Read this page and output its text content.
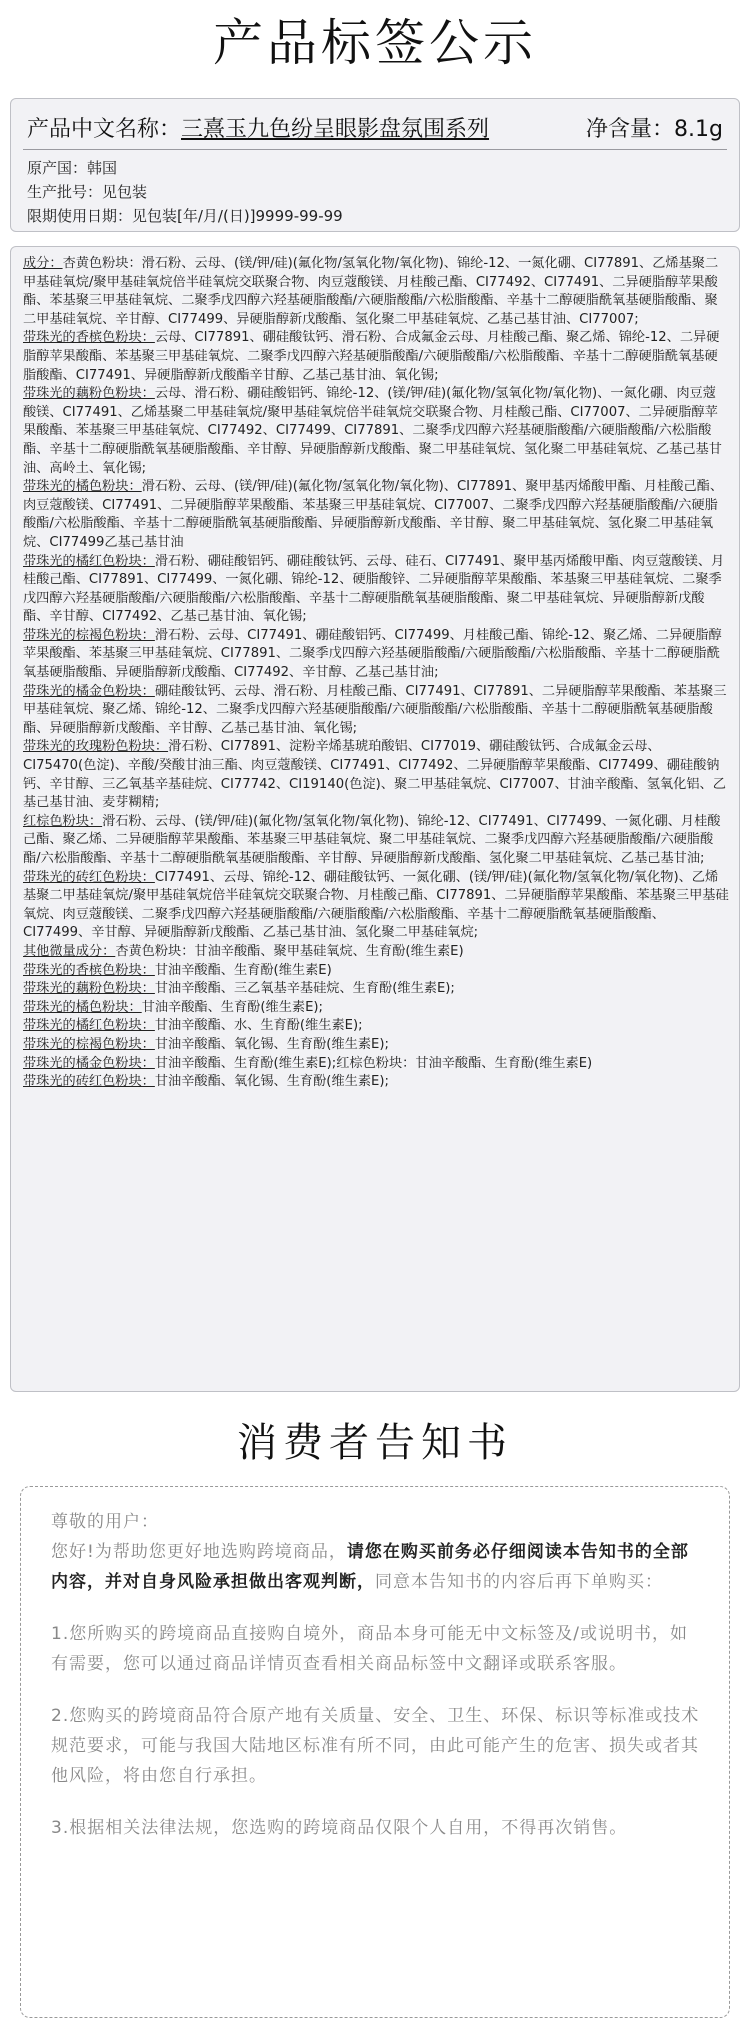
产品标签公示
产品中文名称：三熹玉九色纷呈眼影盘氛围系列	净含量：8.1g
原产国：韩国
生产批号：见包装
限期使用日期：见包装[年/月/(日)]9999-99-99
成分：杏黄色粉块：滑石粉、云母、(镁/钾/硅)(氟化物/氢氧化物/氧化物)、锦纶-12、一氮化硼、CI77891、乙烯基聚二甲基硅氧烷/聚甲基硅氧烷倍半硅氧烷交联聚合物、肉豆蔻酸镁、月桂酸己酯、CI77492、CI77491、二异硬脂醇苹果酸酯、苯基聚三甲基硅氧烷、二聚季戊四醇六羟基硬脂酸酯/六硬脂酸酯/六松脂酸酯、辛基十二醇硬脂酰氧基硬脂酸酯、聚二甲基硅氧烷、辛甘醇、CI77499、异硬脂醇新戊酸酯、氢化聚二甲基硅氧烷、乙基己基甘油、CI77007;
带珠光的香槟色粉块：云母、CI77891、硼硅酸钛钙、滑石粉、合成氟金云母、月桂酸己酯、聚乙烯、锦纶-12、二异硬脂醇苹果酸酯、苯基聚三甲基硅氧烷、二聚季戊四醇六羟基硬脂酸酯/六硬脂酸酯/六松脂酸酯、辛基十二醇硬脂酰氧基硬脂酸酯、CI77491、异硬脂醇新戊酸酯辛甘醇、乙基己基甘油、氧化锡;
带珠光的藕粉色粉块：云母、滑石粉、硼硅酸铝钙、锦纶-12、(镁/钾/硅)(氟化物/氢氧化物/氧化物)、一氮化硼、肉豆蔻酸镁、CI77491、乙烯基聚二甲基硅氧烷/聚甲基硅氧烷倍半硅氧烷交联聚合物、月桂酸己酯、CI77007、二异硬脂醇苹果酸酯、苯基聚三甲基硅氧烷、CI77492、CI77499、CI77891、二聚季戊四醇六羟基硬脂酸酯/六硬脂酸酯/六松脂酸酯、辛基十二醇硬脂酰氧基硬脂酸酯、辛甘醇、异硬脂醇新戊酸酯、聚二甲基硅氧烷、氢化聚二甲基硅氧烷、乙基己基甘油、高岭土、氧化锡;
带珠光的橘色粉块：滑石粉、云母、(镁/钾/硅)(氟化物/氢氧化物/氧化物)、CI77891、聚甲基丙烯酸甲酯、月桂酸己酯、肉豆蔻酸镁、CI77491、二异硬脂醇苹果酸酯、苯基聚三甲基硅氧烷、CI77007、二聚季戊四醇六羟基硬脂酸酯/六硬脂酸酯/六松脂酸酯、辛基十二醇硬脂酰氧基硬脂酸酯、异硬脂醇新戊酸酯、辛甘醇、聚二甲基硅氧烷、氢化聚二甲基硅氧烷、CI77499乙基己基甘油
带珠光的橘红色粉块：滑石粉、硼硅酸铝钙、硼硅酸钛钙、云母、硅石、CI77491、聚甲基丙烯酸甲酯、肉豆蔻酸镁、月桂酸己酯、CI77891、CI77499、一氮化硼、锦纶-12、硬脂酸锌、二异硬脂醇苹果酸酯、苯基聚三甲基硅氧烷、二聚季戊四醇六羟基硬脂酸酯/六硬脂酸酯/六松脂酸酯、辛基十二醇硬脂酰氧基硬脂酸酯、聚二甲基硅氧烷、异硬脂醇新戊酸酯、辛甘醇、CI77492、乙基己基甘油、氧化锡;
带珠光的棕褐色粉块：滑石粉、云母、CI77491、硼硅酸铝钙、CI77499、月桂酸己酯、锦纶-12、聚乙烯、二异硬脂醇苹果酸酯、苯基聚三甲基硅氧烷、CI77891、二聚季戊四醇六羟基硬脂酸酯/六硬脂酸酯/六松脂酸酯、辛基十二醇硬脂酰氧基硬脂酸酯、异硬脂醇新戊酸酯、CI77492、辛甘醇、乙基己基甘油;
带珠光的橘金色粉块：硼硅酸钛钙、云母、滑石粉、月桂酸己酯、CI77491、CI77891、二异硬脂醇苹果酸酯、苯基聚三甲基硅氧烷、聚乙烯、锦纶-12、二聚季戊四醇六羟基硬脂酸酯/六硬脂酸酯/六松脂酸酯、辛基十二醇硬脂酰氧基硬脂酸酯、异硬脂醇新戊酸酯、辛甘醇、乙基己基甘油、氧化锡;
带珠光的玫瑰粉色粉块：滑石粉、CI77891、淀粉辛烯基琥珀酸铝、CI77019、硼硅酸钛钙、合成氟金云母、CI75470(色淀)、辛酸/癸酸甘油三酯、肉豆蔻酸镁、CI77491、CI77492、二异硬脂醇苹果酸酯、CI77499、硼硅酸钠钙、辛甘醇、三乙氧基辛基硅烷、CI77742、CI19140(色淀)、聚二甲基硅氧烷、CI77007、甘油辛酸酯、氢氧化铝、乙基己基甘油、麦芽糊精;
红棕色粉块：滑石粉、云母、(镁/钾/硅)(氟化物/氢氧化物/氧化物)、锦纶-12、CI77491、CI77499、一氮化硼、月桂酸己酯、聚乙烯、二异硬脂醇苹果酸酯、苯基聚三甲基硅氧烷、聚二甲基硅氧烷、二聚季戊四醇六羟基硬脂酸酯/六硬脂酸酯/六松脂酸酯、辛基十二醇硬脂酰氧基硬脂酸酯、辛甘醇、异硬脂醇新戊酸酯、氢化聚二甲基硅氧烷、乙基己基甘油;
带珠光的砖红色粉块：CI77491、云母、锦纶-12、硼硅酸钛钙、一氮化硼、(镁/钾/硅)(氟化物/氢氧化物/氧化物)、乙烯基聚二甲基硅氧烷/聚甲基硅氧烷倍半硅氧烷交联聚合物、月桂酸己酯、CI77891、二异硬脂醇苹果酸酯、苯基聚三甲基硅氧烷、肉豆蔻酸镁、二聚季戊四醇六羟基硬脂酸酯/六硬脂酸酯/六松脂酸酯、辛基十二醇硬脂酰氧基硬脂酸酯、CI77499、辛甘醇、异硬脂醇新戊酸酯、乙基己基甘油、氢化聚二甲基硅氧烷;
其他微量成分：杏黄色粉块：甘油辛酸酯、聚甲基硅氧烷、生育酚(维生素E)
带珠光的香槟色粉块：甘油辛酸酯、生育酚(维生素E)
带珠光的藕粉色粉块：甘油辛酸酯、三乙氧基辛基硅烷、生育酚(维生素E);
带珠光的橘色粉块：甘油辛酸酯、生育酚(维生素E);
带珠光的橘红色粉块：甘油辛酸酯、水、生育酚(维生素E);
带珠光的棕褐色粉块：甘油辛酸酯、氧化锡、生育酚(维生素E);
带珠光的橘金色粉块：甘油辛酸酯、生育酚(维生素E);红棕色粉块：甘油辛酸酯、生育酚(维生素E)
带珠光的砖红色粉块：甘油辛酸酯、氧化锡、生育酚(维生素E);
消费者告知书

尊敬的用户：

您好!为帮助您更好地选购跨境商品，请您在购买前务必仔细阅读本告知书的全部内容，并对自身风险承担做出客观判断，同意本告知书的内容后再下单购买：

1.您所购买的跨境商品直接购自境外，商品本身可能无中文标签及/或说明书，如有需要，您可以通过商品详情页查看相关商品标签中文翻译或联系客服。

2.您购买的跨境商品符合原产地有关质量、安全、卫生、环保、标识等标准或技术规范要求，可能与我国大陆地区标准有所不同，由此可能产生的危害、损失或者其他风险，将由您自行承担。

3.根据相关法律法规，您选购的跨境商品仅限个人自用，不得再次销售。
